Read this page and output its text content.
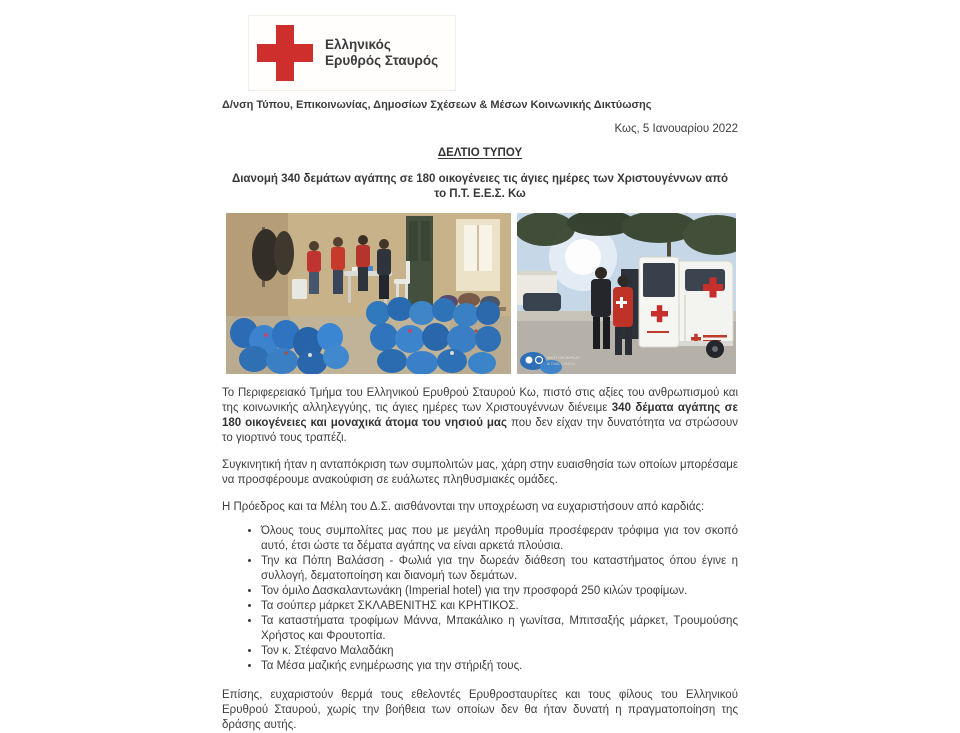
Ελληνικός
Ερυθρός Σταυρός
Δ/νση Τύπου, Επικοινωνίας, Δημοσίων Σχέσεων & Μέσων Κοινωνικής Δικτύωσης
Κως, 5 Ιανουαρίου 2022
ΔΕΛΤΙΟ ΤΥΠΟΥ
Διανομή 340 δεμάτων αγάπης σε 180 οικογένειες τις άγιες ημέρες των Χριστουγέννων από το Π.Τ. Ε.Ε.Σ. Κω
SHOT ON MI PLAY
AI DUAL CAMERA

Το Περιφερειακό Τμήμα του Ελληνικού Ερυθρού Σταυρού Κω, πιστό στις αξίες του ανθρωπισμού και της κοινωνικής αλληλεγγύης, τις άγιες ημέρες των Χριστουγέννων διένειμε 340 δέματα αγάπης σε 180 οικογένειες και μοναχικά άτομα του νησιού μας που δεν είχαν την δυνατότητα να στρώσουν το γιορτινό τους τραπέζι.

Συγκινητική ήταν η ανταπόκριση των συμπολιτών μας, χάρη στην ευαισθησία των οποίων μπορέσαμε να προσφέρουμε ανακούφιση σε ευάλωτες πληθυσμιακές ομάδες.

Η Πρόεδρος και τα Μέλη του Δ.Σ. αισθάνονται την υποχρέωση να ευχαριστήσουν από καρδιάς:

• Όλους τους συμπολίτες μας που με μεγάλη προθυμία προσέφεραν τρόφιμα για τον σκοπό αυτό, έτσι ώστε τα δέματα αγάπης να είναι αρκετά πλούσια.
• Την κα Πόπη Βαλάσση - Φωλιά για την δωρεάν διάθεση του καταστήματος όπου έγινε η συλλογή, δεματοποίηση και διανομή των δεμάτων.
• Τον όμιλο Δασκαλαντωνάκη (Imperial hotel) για την προσφορά 250 κιλών τροφίμων.
• Τα σούπερ μάρκετ ΣΚΛΑΒΕΝΙΤΗΣ και ΚΡΗΤΙΚΟΣ.
• Τα καταστήματα τροφίμων Μάννα, Μπακάλικο η γωνίτσα, Μπιτσαξής μάρκετ, Τρουμούσης Χρήστος και Φρουτοπία.
• Τον κ. Στέφανο Μαλαδάκη
• Τα Μέσα μαζικής ενημέρωσης για την στήριξή τους.

Επίσης, ευχαριστούν θερμά τους εθελοντές Ερυθροσταυρίτες και τους φίλους του Ελληνικού Ερυθρού Σταυρού, χωρίς την βοήθεια των οποίων δεν θα ήταν δυνατή η πραγματοποίηση της δράσης αυτής.
